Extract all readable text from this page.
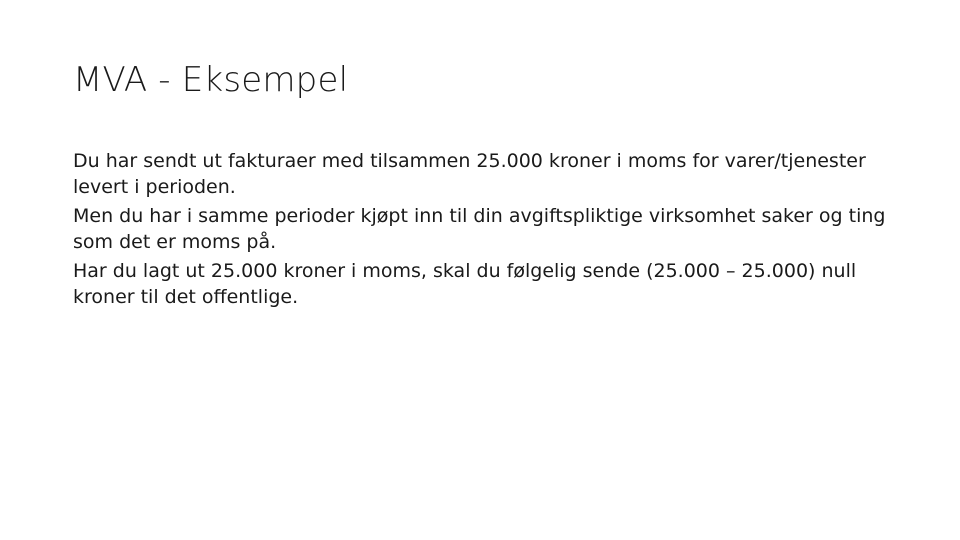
MVA - Eksempel

Du har sendt ut fakturaer med tilsammen 25.000 kroner i moms for varer/tjenester levert i perioden.

Men du har i samme perioder kjøpt inn til din avgiftspliktige virksomhet saker og ting som det er moms på.

Har du lagt ut 25.000 kroner i moms, skal du følgelig sende (25.000 – 25.000) null kroner til det offentlige.
